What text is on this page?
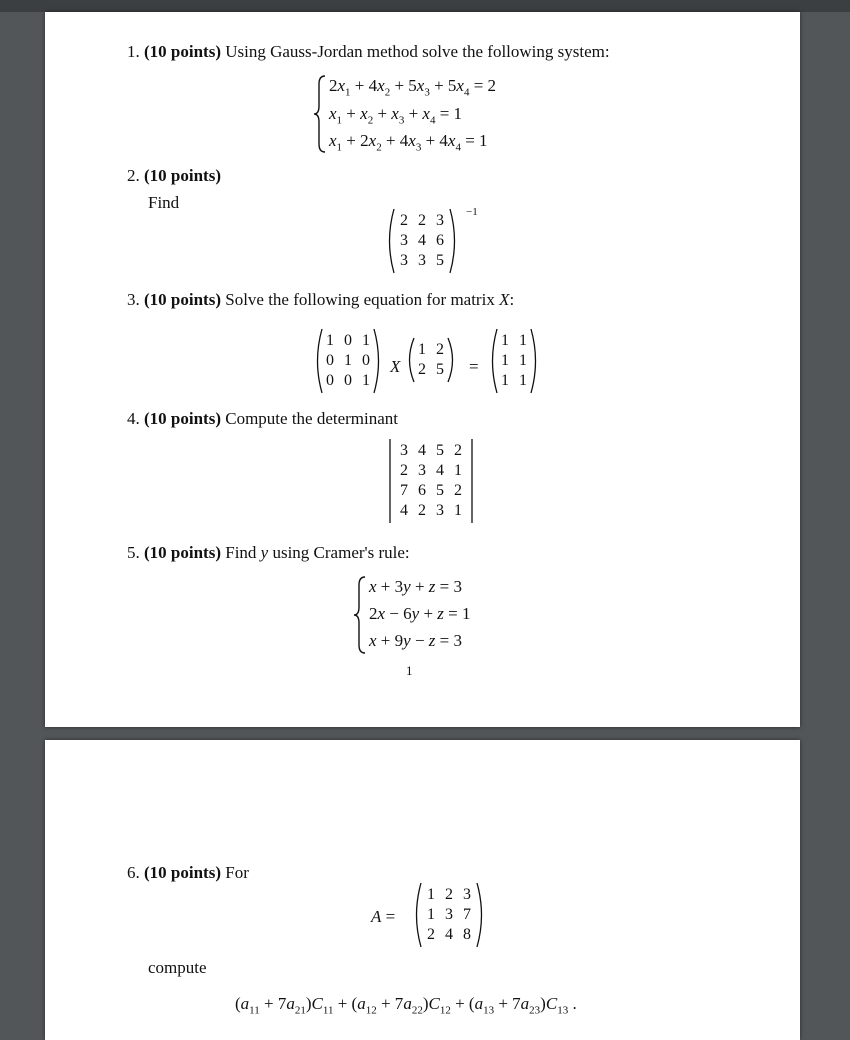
1. (10 points) Using Gauss-Jordan method solve the following system:
$2x_1 + 4x_2 + 5x_3 + 5x_4 = 2$
$x_1 + x_2 + x_3 + x_4 = 1$
$x_1 + 2x_2 + 4x_3 + 4x_4 = 1$
2. (10 points)
Find
2 2 3
3 4 6
3 3 5
−1
3. (10 points) Solve the following equation for matrix X:
1 0 1
0 1 0
0 0 1
X
1 2
2 5 =
1 1
1 1
1 1
4. (10 points) Compute the determinant
3 4 5 2
2 3 4 1
7 6 5 2
4 2 3 1
5. (10 points) Find y using Cramer's rule:
x + 3y + z = 3
2x − 6y + z = 1
x + 9y − z = 3
1
6. (10 points) For
A =
1 2 3
1 3 7
2 4 8
compute
$(a_{11} + 7a_{21})C_{11} + (a_{12} + 7a_{22})C_{12} + (a_{13} + 7a_{23})C_{13}$ .
